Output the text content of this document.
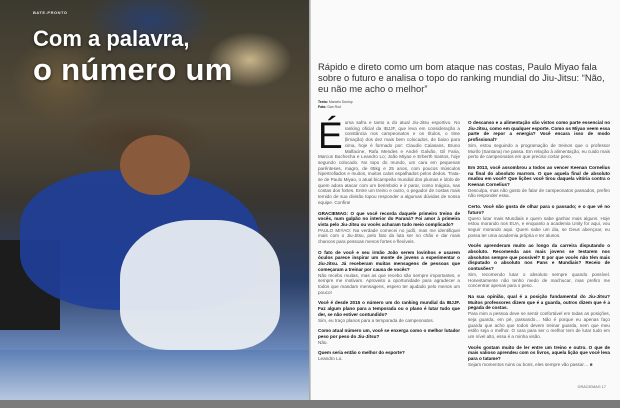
BATE-PRONTO
Com a palavra,
o número um	Rápido e direto como um bom ataque nas costas, Paulo Miyao fala sobre o futuro e analisa o topo do ranking mundial do Jiu-Jitsu: “Não, eu não me acho o melhor”
Texto: Marcelo Dunlop
Foto: Dan Rod

Éuma safra e tanto a do atual Jiu-Jitsu esportivo. No ranking oficial da IBJJF, que leva em consideração a constância nos campeonatos e os títulos, o time (limação) dos dez mais bem colocados, de baixo para cima, hoje é formado por: Claudio Calasans, Bruno Malfacine, Rafa Mendes e André Galvão, Gil Faria, Marcus Buchecha e Leandro Lo; João Miyao e Erberth Santos, hoje segundo colocado. No topo do mundo, um cara em pequenas parênteses, magro, de 65kg e 25 anos, com poucos músculos hipertrofiados e muitos, muitos calos espalhados pelos dedos. Trata-se de Paulo Miyao, o atual bicampeão mundial dos plumas e ídolo de quem adora atacar com um berimbolo e ir parar, como mágica, nas costas dos fortes. Entre um treino e outro, o pegador de costas mais temido de sua divisão topou responder a algumas dúvidas de nossa equipe. Confira!

GRACIEMAG: O que você recorda daquele primeiro treino de vocês, num galpão no interior do Paraná? Foi amor à primeira vista pelo Jiu-Jitsu ou vocês acharam tudo meio complicado?
PAULO MIYAO: Na verdade comecei no judô, mas me identifiquei mais com o Jiu-Jitsu, pelo fato da luta ser no chão e dar mais chances para pessoas menos fortes e flexíveis.

O fato de você e seu irmão João serem lovinhos e usarem óculos parece inspirar um monte de jovens a experimentar o Jiu-Jitsu. Já receberam muitas mensagens de pessoas que começaram a treinar por causa de vocês?
Não recebo muitas, mas as que recebo são sempre importantes, e sempre me motivam. Aproveito a oportunidade para agradecer a todos que mandam mensagens, espero ter ajudado pelo menos um pouco!

Você é desde 2015 o número um do ranking mundial da IBJJF. Faz algum plano para a temporada ou o plano é lutar tudo que der, se não estiver contundido?
Sim, eu traço planos para a temporada de campeonatos.

Como atual número um, você se enxerga como o melhor lutador peso por peso do Jiu-Jitsu?
Não.

Quem seria então o melhor do esporte?
Leandro Lo.

O descanso e a alimentação são vistos como parte essencial no Jiu-Jitsu, como em qualquer esporte. Como os Miyao veem essa parte de repor a energia? Você encara isso de modo profissional?
Sim, estou seguindo a programação de treinos que o professor Murilo (Santana) me passa. Em relação à alimentação, eu cuido mais perto de campeonatos em que preciso cortar peso.

Em 2013, você assombrou a todos ao vencer Keenan Cornelius na final do absoluto marrom. O que aquela final de absoluto mudou em você? Que lições você tirou daquela vitória contra o Keenan Cornelius?
Desculpa, mas não gosto de falar de campeonatos passados, prefiro não responder essa.

Certo. Você não gosta de olhar para o passado; e o que vê no futuro?
Quero lutar mais Mundiais e quem sabe ganhar mais alguns. Hoje estou morando nos EUA, e enquanto a academia Unity for aqui, vou seguir morando aqui. Quem sabe um dia, se Deus abençoar, eu possa ter uma academia própria e ter alunos.

Vocês aprenderam muito ao longo da carreira disputando o absoluto. Recomenda aos mais jovens se testarem nos absolutos sempre que possível? E por que vocês não têm mais disputado o absoluto nos Pans e Mundiais? Receio de contusões?
Sim, recomendo lutar o absoluto sempre quando possível. Honestamente não tenho medo de machucar, mas prefiro me concentrar apenas para o peso.

Na sua opinião, qual é a posição fundamental do Jiu-Jitsu? Muitos professores dizem que é a guarda, outros dizem que é a pegada de costas.
Para mim a pessoa deve se sentir confortável em todas as posições, seja guarda, em pé, passando… Não é porque eu apenas faço guarda que acho que todos devem treinar guarda, nem que meu estilo seja o melhor. O cara para ser o melhor tem de lutar tudo em um nível alto, essa é a minha visão.

Vocês gostam muito de ler entre um treino e outro. O que de mais valioso aprendeu com os livros, aquela lição que você leva para o tatame?
Sejam momentos ruins ou bons, eles sempre vão passar… ■

GRACIEMAG 17
